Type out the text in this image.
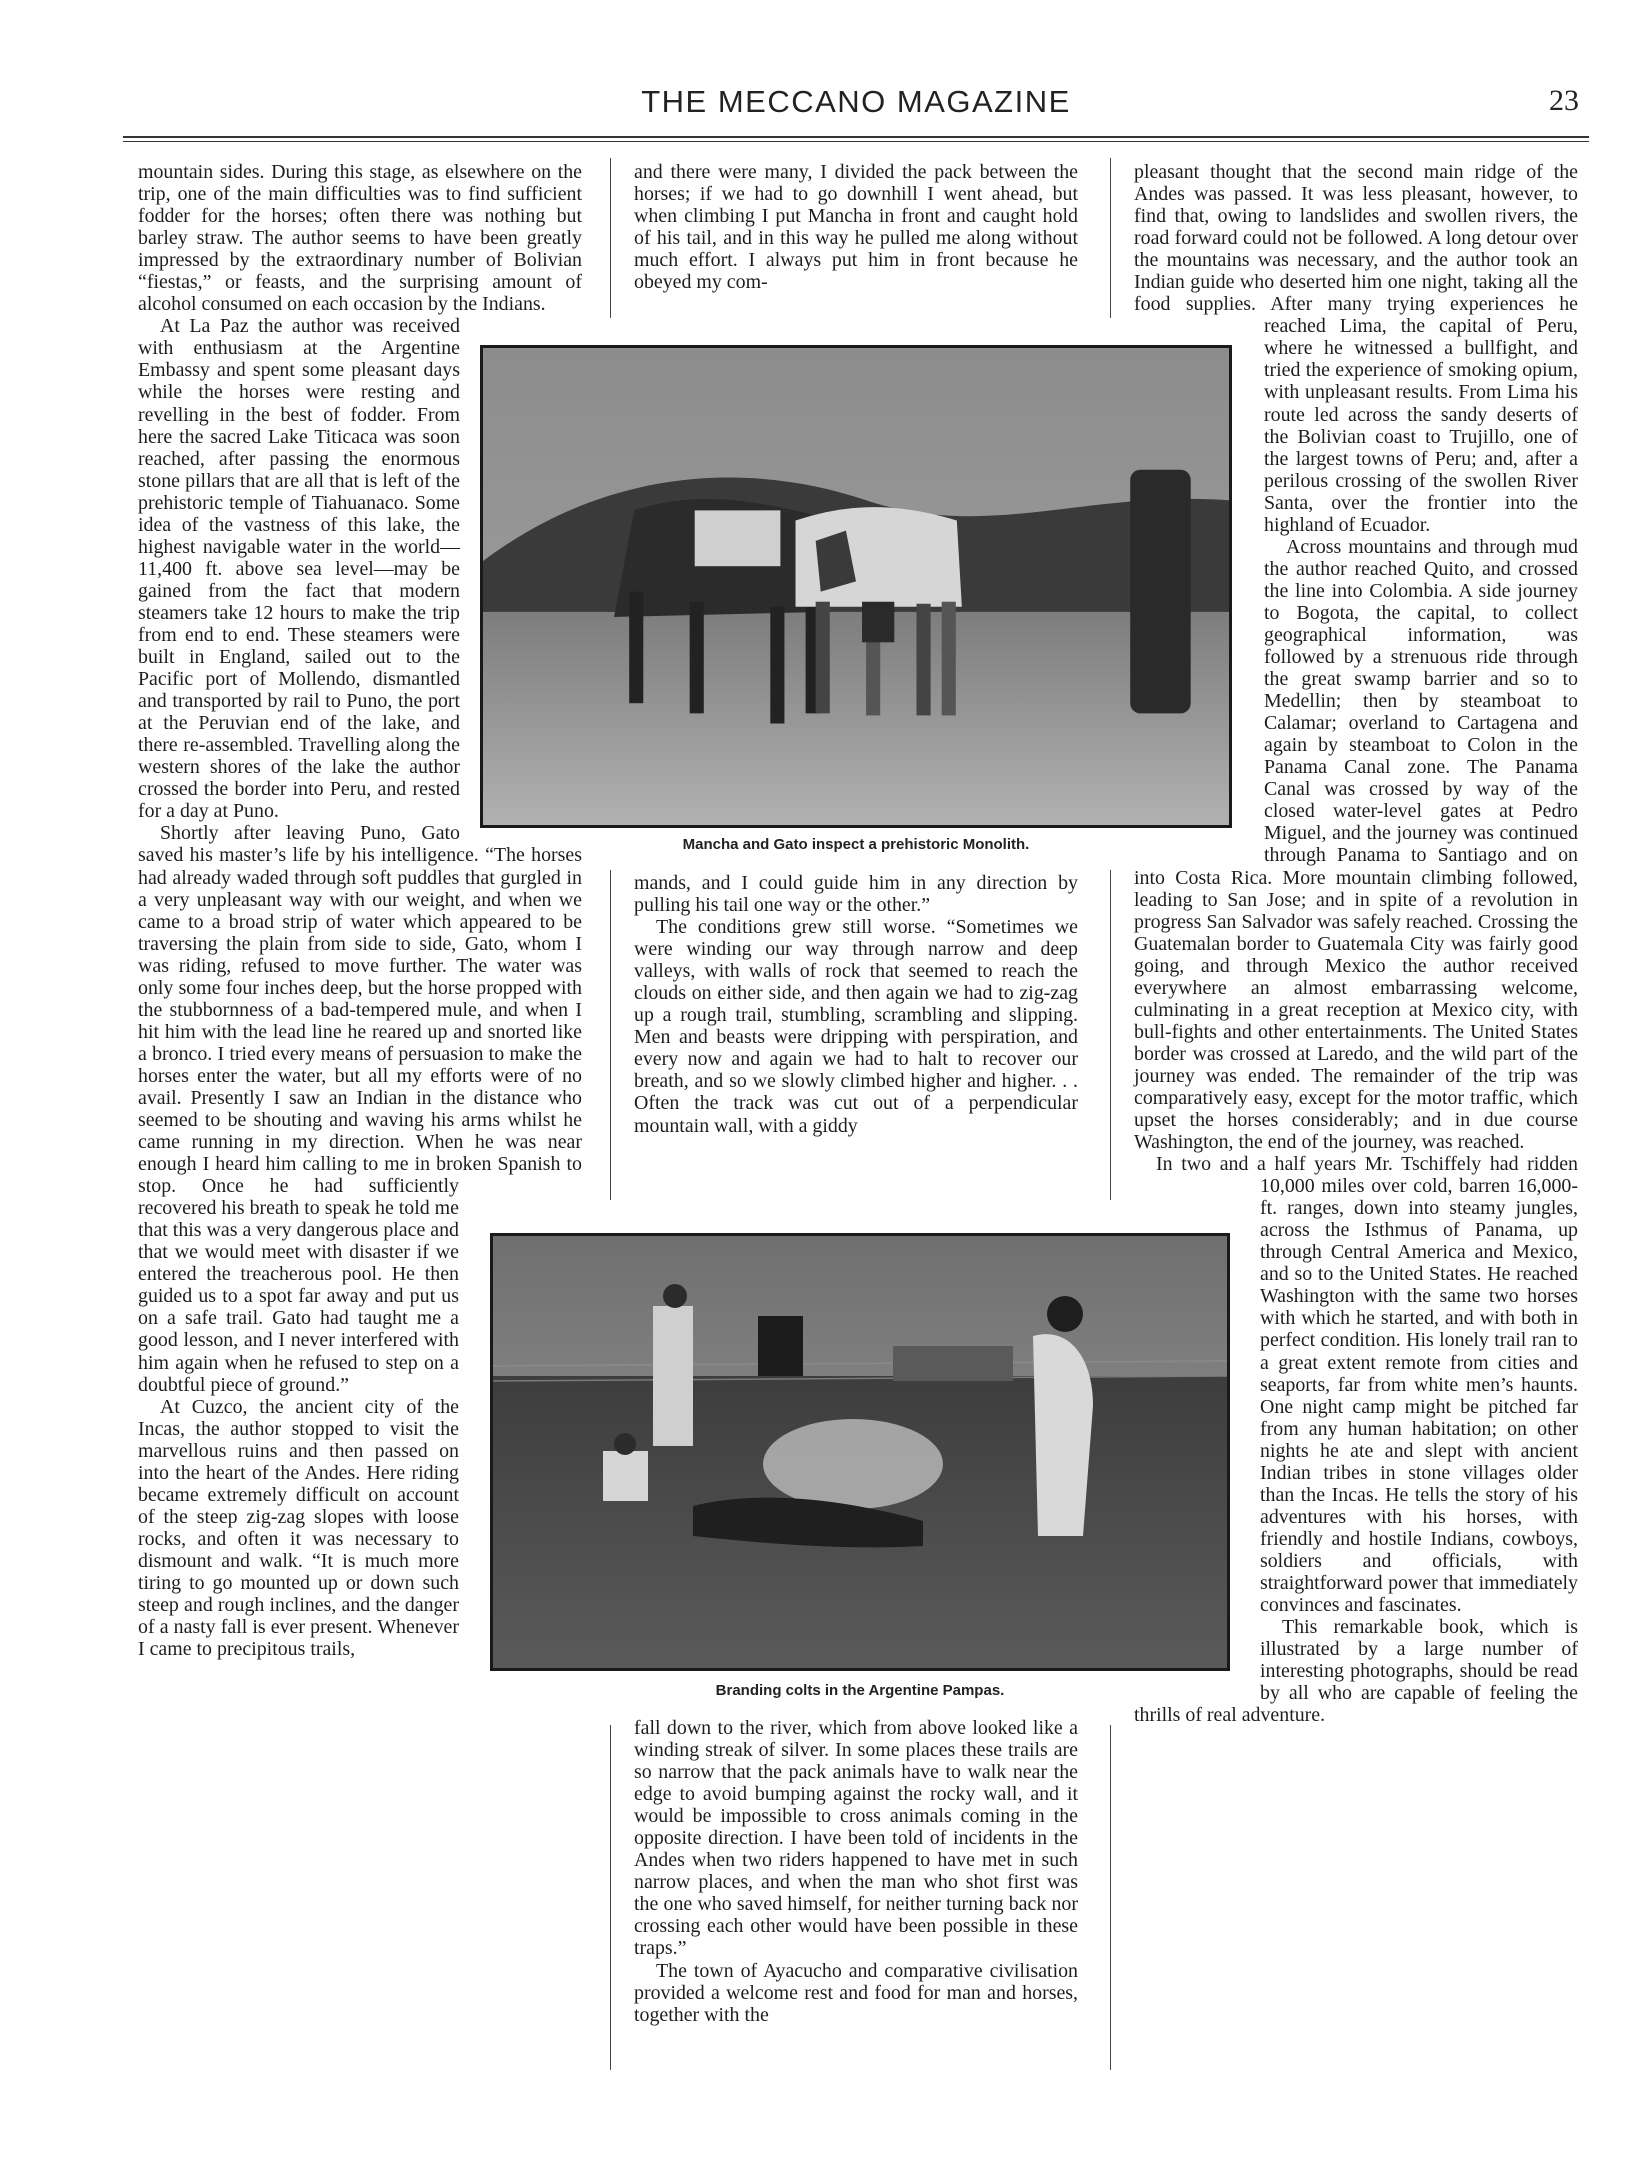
THE MECCANO MAGAZINE	23

mountain sides. During this stage, as elsewhere on the trip, one of the main difficulties was to find sufficient fodder for the horses; often there was nothing but barley straw. The author seems to have been greatly impressed by the extraordinary number of Bolivian “fiestas,” or feasts, and the surprising amount of alcohol consumed on each occasion by the Indians.

At La Paz the author was received with enthusiasm at the Argentine Embassy and spent some pleasant days while the horses were resting and revelling in the best of fodder. From here the sacred Lake Titicaca was soon reached, after passing the enormous stone pillars that are all that is left of the prehistoric temple of Tiahuanaco. Some idea of the vastness of this lake, the highest navigable water in the world—11,400 ft. above sea level—may be gained from the fact that modern steamers take 12 hours to make the trip from end to end. These steamers were built in England, sailed out to the Pacific port of Mollendo, dismantled and transported by rail to Puno, the port at the Peruvian end of the lake, and there re-assembled. Travelling along the western shores of the lake the author crossed the border into Peru, and rested for a day at Puno.

Shortly after leaving Puno, Gato saved his master’s life by his intelligence. “The horses had already waded through soft puddles that gurgled in a very unpleasant way with our weight, and when we came to a broad strip of water which appeared to be traversing the plain from side to side, Gato, whom I was riding, refused to move further. The water was only some four inches deep, but the horse propped with the stubbornness of a bad-tempered mule, and when I hit him with the lead line he reared up and snorted like a bronco. I tried every means of persuasion to make the horses enter the water, but all my efforts were of no avail. Presently I saw an Indian in the distance who seemed to be shouting and waving his arms whilst he came running in my direction. When he was near enough I heard him calling to me in broken Spanish to stop. Once he had sufficiently recovered his breath to speak he told me that this was a very dangerous place and that we would meet with disaster if we entered the treacherous pool. He then guided us to a spot far away and put us on a safe trail. Gato had taught me a good lesson, and I never interfered with him again when he refused to step on a doubtful piece of ground.”

At Cuzco, the ancient city of the Incas, the author stopped to visit the marvellous ruins and then passed on into the heart of the Andes. Here riding became extremely difficult on account of the steep zig-zag slopes with loose rocks, and often it was necessary to dismount and walk. “It is much more tiring to go mounted up or down such steep and rough inclines, and the danger of a nasty fall is ever present. Whenever I came to precipitous trails,

and there were many, I divided the pack between the horses; if we had to go downhill I went ahead, but when climbing I put Mancha in front and caught hold of his tail, and in this way he pulled me along without much effort. I always put him in front because he obeyed my com-

mands, and I could guide him in any direction by pulling his tail one way or the other.”

The conditions grew still worse. “Sometimes we were winding our way through narrow and deep valleys, with walls of rock that seemed to reach the clouds on either side, and then again we had to zig-zag up a rough trail, stumbling, scrambling and slipping. Men and beasts were dripping with perspiration, and every now and again we had to halt to recover our breath, and so we slowly climbed higher and higher. . . Often the track was cut out of a perpendicular mountain wall, with a giddy

fall down to the river, which from above looked like a winding streak of silver. In some places these trails are so narrow that the pack animals have to walk near the edge to avoid bumping against the rocky wall, and it would be impossible to cross animals coming in the opposite direction. I have been told of incidents in the Andes when two riders happened to have met in such narrow places, and when the man who shot first was the one who saved himself, for neither turning back nor crossing each other would have been possible in these traps.”

The town of Ayacucho and comparative civilisation provided a welcome rest and food for man and horses, together with the

pleasant thought that the second main ridge of the Andes was passed. It was less pleasant, however, to find that, owing to landslides and swollen rivers, the road forward could not be followed. A long detour over the mountains was necessary, and the author took an Indian guide who deserted him one night, taking all the food supplies. After many trying experiences he reached Lima, the capital of Peru, where he witnessed a bullfight, and tried the experience of smoking opium, with unpleasant results. From Lima his route led across the sandy deserts of the Bolivian coast to Trujillo, one of the largest towns of Peru; and, after a perilous crossing of the swollen River Santa, over the frontier into the highland of Ecuador.

Across mountains and through mud the author reached Quito, and crossed the line into Colombia. A side journey to Bogota, the capital, to collect geographical information, was followed by a strenuous ride through the great swamp barrier and so to Medellin; then by steamboat to Calamar; overland to Cartagena and again by steamboat to Colon in the Panama Canal zone. The Panama Canal was crossed by way of the closed water-level gates at Pedro Miguel, and the journey was continued through Panama to Santiago and on into Costa Rica. More mountain climbing followed, leading to San Jose; and in spite of a revolution in progress San Salvador was safely reached. Crossing the Guatemalan border to Guatemala City was fairly good going, and through Mexico the author received everywhere an almost embarrassing welcome, culminating in a great reception at Mexico city, with bull-fights and other entertainments. The United States border was crossed at Laredo, and the wild part of the journey was ended. The remainder of the trip was comparatively easy, except for the motor traffic, which upset the horses considerably; and in due course Washington, the end of the journey, was reached.

In two and a half years Mr. Tschiffely had ridden 10,000 miles over cold, barren 16,000-ft. ranges, down into steamy jungles, across the Isthmus of Panama, up through Central America and Mexico, and so to the United States. He reached Washington with the same two horses with which he started, and with both in perfect condition. His lonely trail ran to a great extent remote from cities and seaports, far from white men’s haunts. One night camp might be pitched far from any human habitation; on other nights he ate and slept with ancient Indian tribes in stone villages older than the Incas. He tells the story of his adventures with his horses, with friendly and hostile Indians, cowboys, soldiers and officials, with straightforward power that immediately convinces and fascinates.

This remarkable book, which is illustrated by a large number of interesting photographs, should be read by all who are capable of feeling the thrills of real adventure.

Mancha and Gato inspect a prehistoric Monolith.
Branding colts in the Argentine Pampas.
